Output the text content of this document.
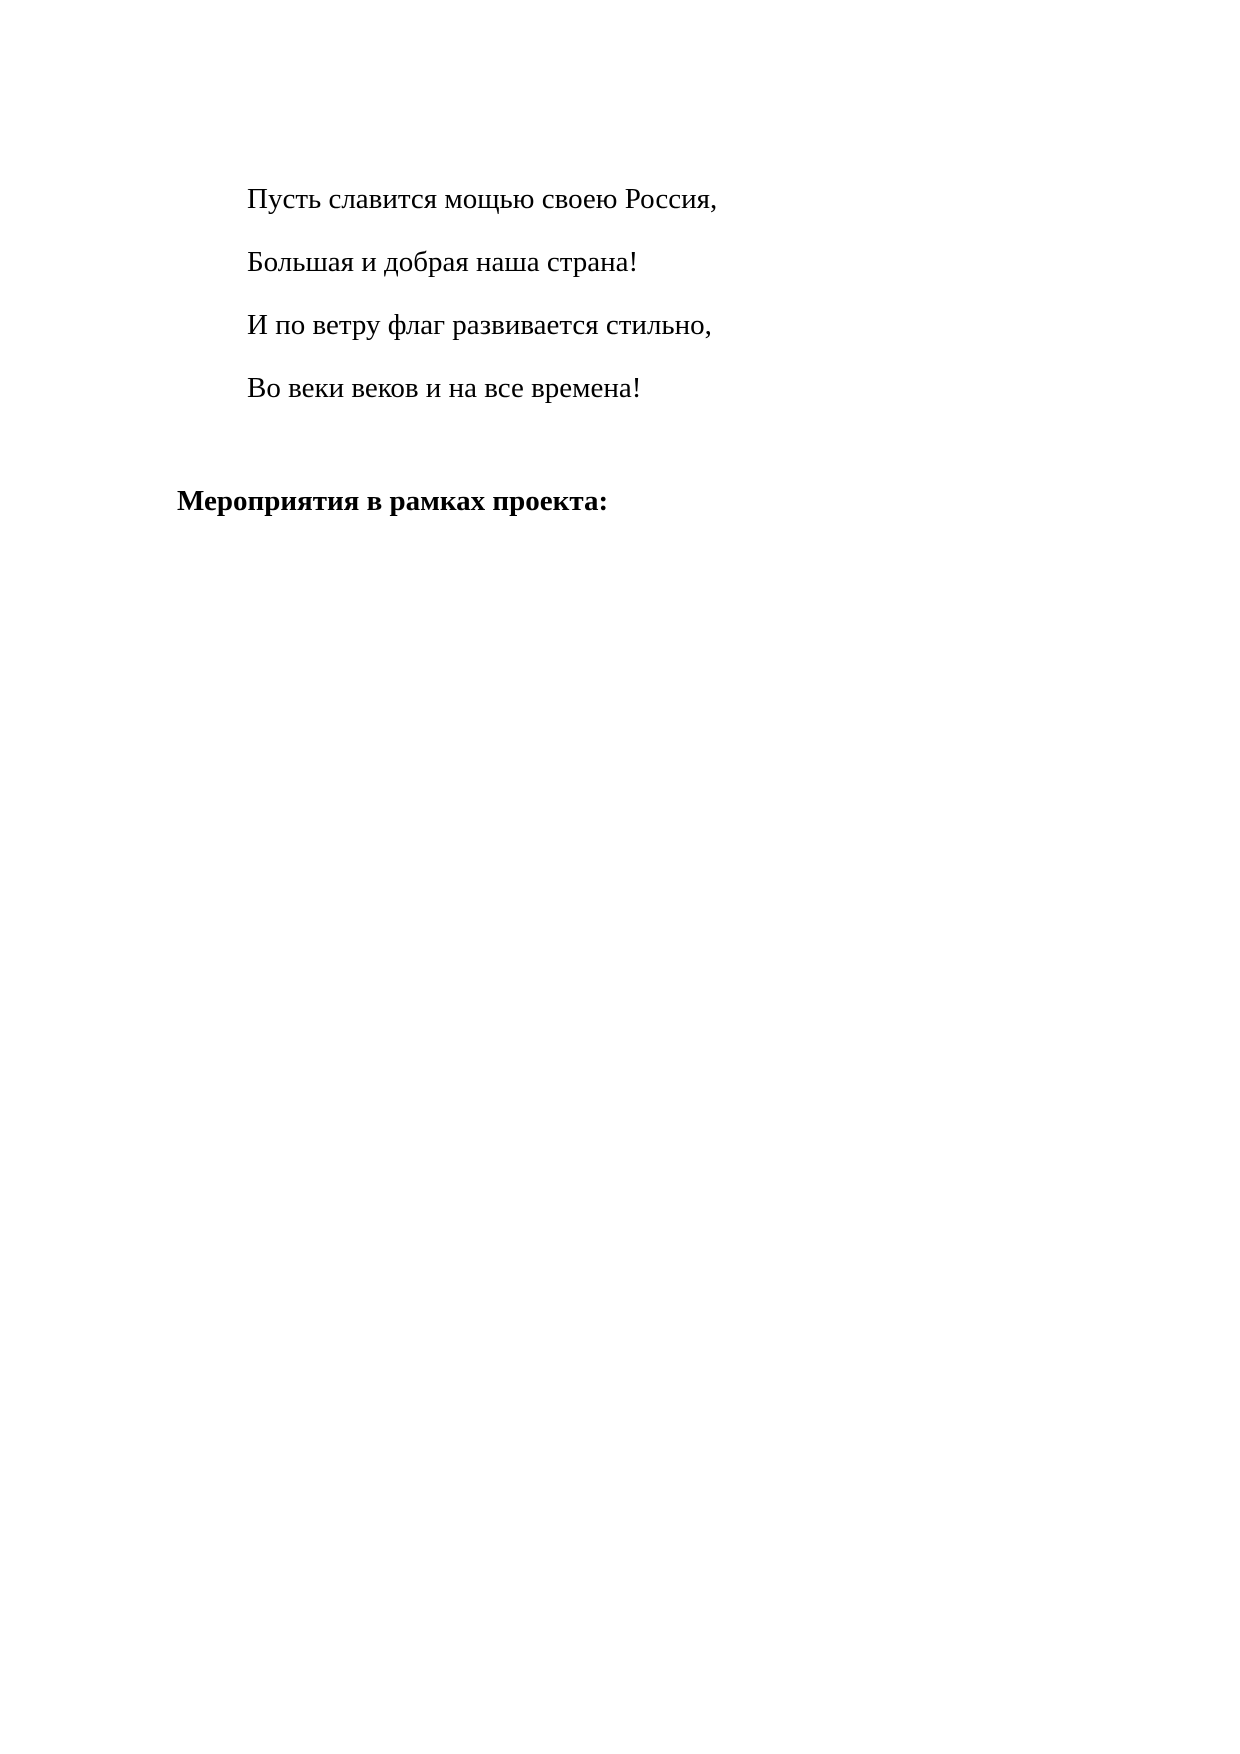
Пусть славится мощью своею Россия,
Большая и добрая наша страна!
И по ветру флаг развивается стильно,
Во веки веков и на все времена!
Мероприятия в рамках проекта:
